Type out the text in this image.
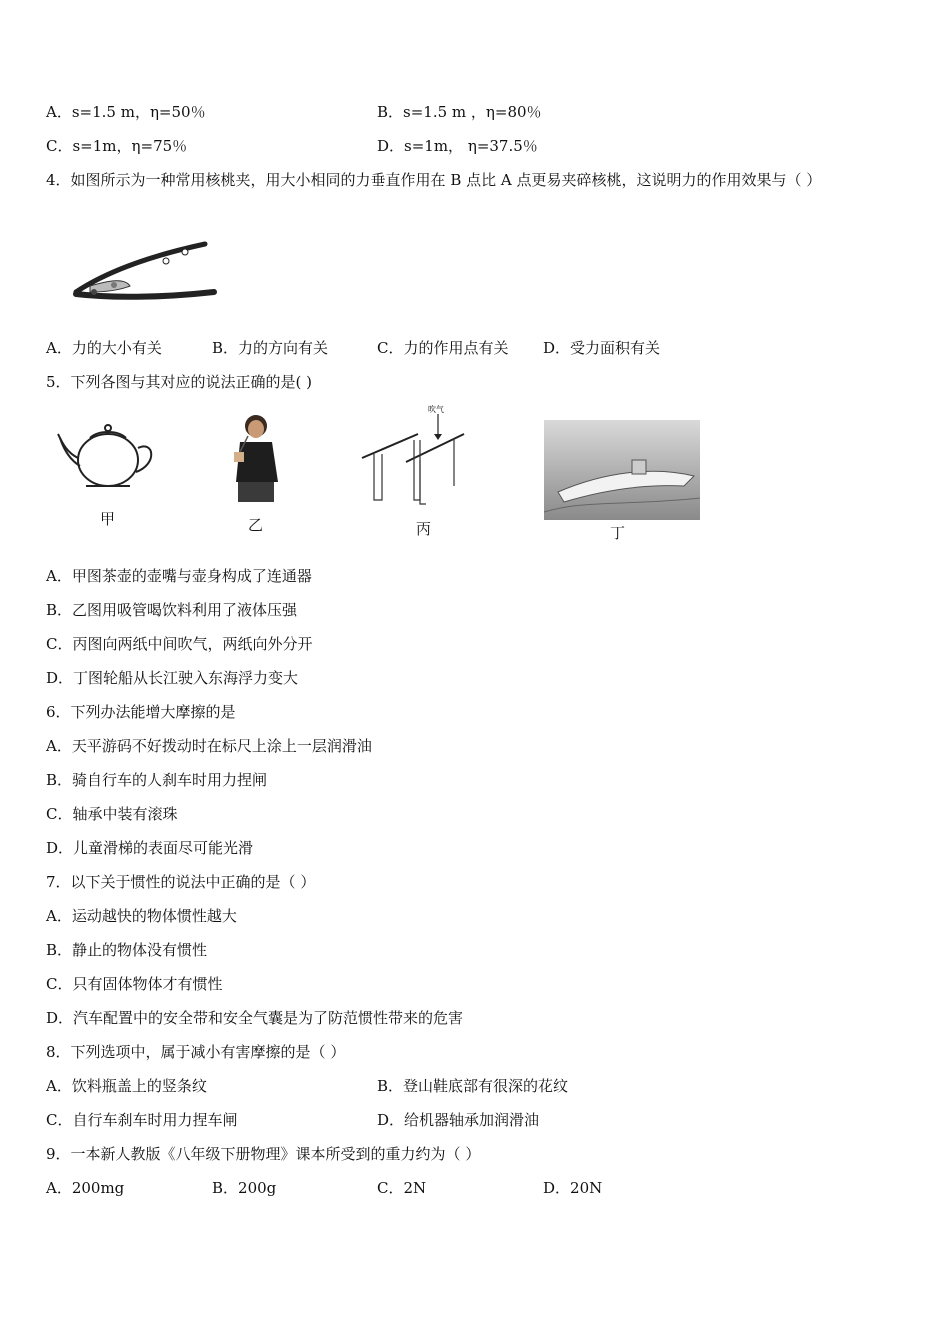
A．s=1.5 m，η=50％	B．s=1.5 m ，η=80％
C．s=1m，η=75％	D．s=1m， η=37.5％
4．如图所示为一种常用核桃夹，用大小相同的力垂直作用在 B 点比 A 点更易夹碎核桃，这说明力的作用效果与（ ）
A．力的大小有关	B．力的方向有关	C．力的作用点有关 D．受力面积有关
5．下列各图与其对应的说法正确的是( )
甲	乙
吹气
丙	丁
A．甲图茶壶的壶嘴与壶身构成了连通器
B．乙图用吸管喝饮料利用了液体压强
C．丙图向两纸中间吹气，两纸向外分开
D．丁图轮船从长江驶入东海浮力变大
6．下列办法能增大摩擦的是
A．天平游码不好拨动时在标尺上涂上一层润滑油
B．骑自行车的人刹车时用力捏闸
C．轴承中装有滚珠
D．儿童滑梯的表面尽可能光滑
7．以下关于惯性的说法中正确的是（ ）
A．运动越快的物体惯性越大
B．静止的物体没有惯性
C．只有固体物体才有惯性
D．汽车配置中的安全带和安全气囊是为了防范惯性带来的危害
8．下列选项中，属于减小有害摩擦的是（ ）
A．饮料瓶盖上的竖条纹	B．登山鞋底部有很深的花纹
C．自行车刹车时用力捏车闸	D．给机器轴承加润滑油
9．一本新人教版《八年级下册物理》课本所受到的重力约为（ ）
A．200mg	B．200g	C．2N	D．20N
